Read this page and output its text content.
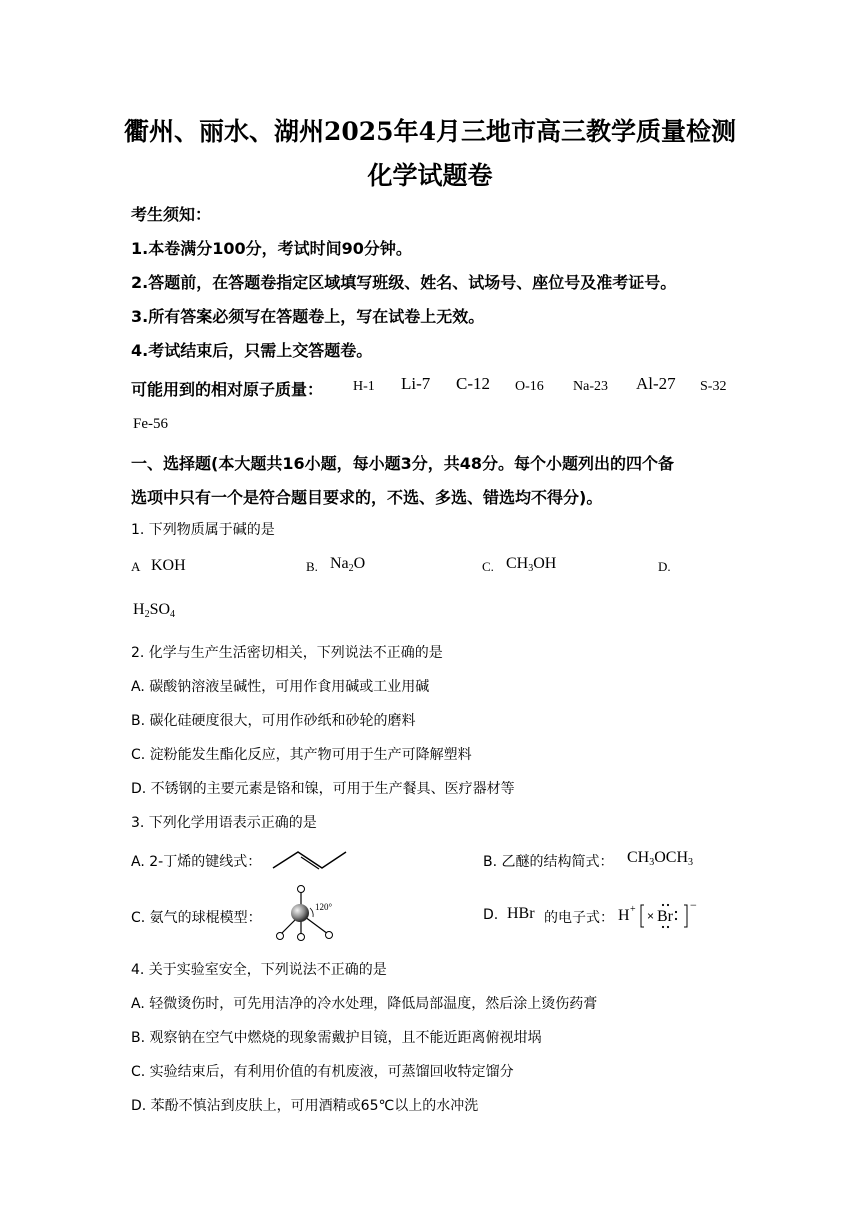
衢州、丽水、湖州2025年4月三地市高三教学质量检测
化学试题卷
考生须知：
1.本卷满分100分，考试时间90分钟。
2.答题前，在答题卷指定区域填写班级、姓名、试场号、座位号及准考证号。
3.所有答案必须写在答题卷上，写在试卷上无效。
4.考试结束后，只需上交答题卷。
可能用到的相对原子质量： H-1 Li-7 C-12 O-16 Na-23 Al-27 S-32
Fe-56
一、选择题(本大题共16小题，每小题3分，共48分。每个小题列出的四个备
选项中只有一个是符合题目要求的，不选、多选、错选均不得分)。
1. 下列物质属于碱的是
A KOH	B. $Na_2O$	C. $CH_3OH$	D.
$H_2SO_4$
2. 化学与生产生活密切相关，下列说法不正确的是
A. 碳酸钠溶液呈碱性，可用作食用碱或工业用碱
B. 碳化硅硬度很大，可用作砂纸和砂轮的磨料
C. 淀粉能发生酯化反应，其产物可用于生产可降解塑料
D. 不锈钢的主要元素是铬和镍，可用于生产餐具、医疗器材等
3. 下列化学用语表示正确的是
A. 2-丁烯的键线式：	B. 乙醚的结构简式： $CH_3OCH_3$
C. 氨气的球棍模型：
120°	D. HBr 的电子式： H + × Br
−
4. 关于实验室安全，下列说法不正确的是
A. 轻微烫伤时，可先用洁净的冷水处理，降低局部温度，然后涂上烫伤药膏
B. 观察钠在空气中燃烧的现象需戴护目镜，且不能近距离俯视坩埚
C. 实验结束后，有利用价值的有机废液，可蒸馏回收特定馏分
D. 苯酚不慎沾到皮肤上，可用酒精或65℃以上的水冲洗
